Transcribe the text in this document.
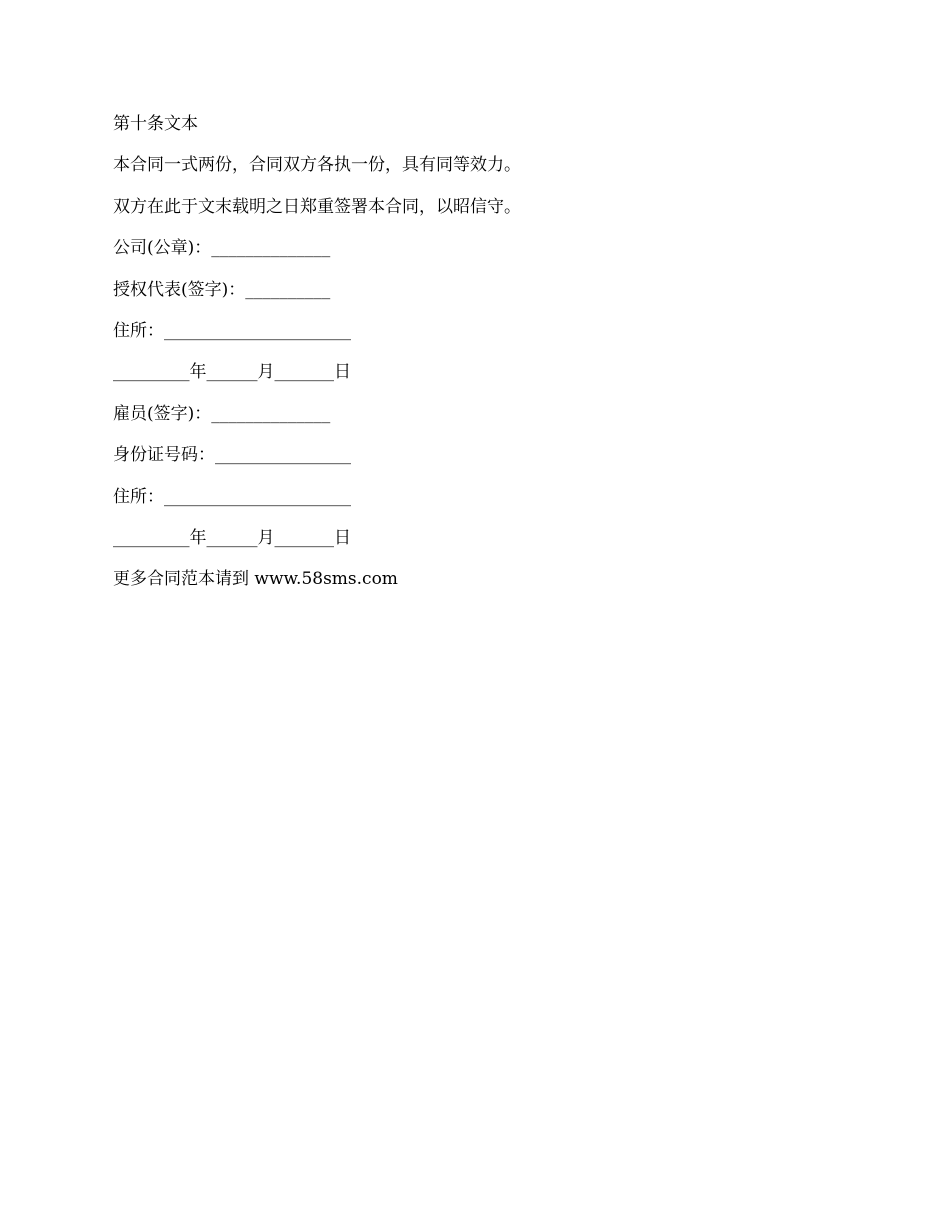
第十条文本
本合同一式两份，合同双方各执一份，具有同等效力。
双方在此于文末载明之日郑重签署本合同，以昭信守。
公司(公章)：______________
授权代表(签字)：__________
住所：______________________
_________年______月_______日
雇员(签字)：______________
身份证号码：________________
住所：______________________
_________年______月_______日
更多合同范本请到 www.58sms.com
